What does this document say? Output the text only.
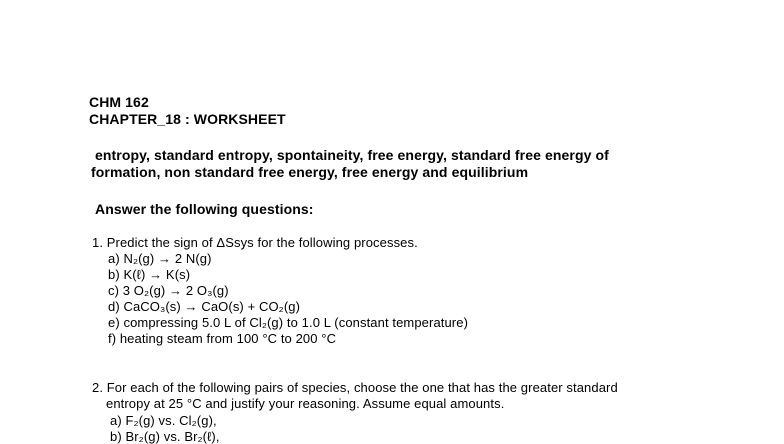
CHM 162
CHAPTER_18 : WORKSHEET
entropy, standard entropy, spontaineity, free energy, standard free energy of
formation, non standard free energy, free energy and equilibrium
Answer the following questions:
1. Predict the sign of ΔSsys for the following processes.
a) N₂(g) → 2 N(g)
b) K(ℓ) → K(s)
c) 3 O₂(g) → 2 O₃(g)
d) CaCO₃(s) → CaO(s) + CO₂(g)
e) compressing 5.0 L of Cl₂(g) to 1.0 L (constant temperature)
f) heating steam from 100 °C to 200 °C
2. For each of the following pairs of species, choose the one that has the greater standard
entropy at 25 °C and justify your reasoning. Assume equal amounts.
a) F₂(g) vs. Cl₂(g),
b) Br₂(g) vs. Br₂(ℓ),
